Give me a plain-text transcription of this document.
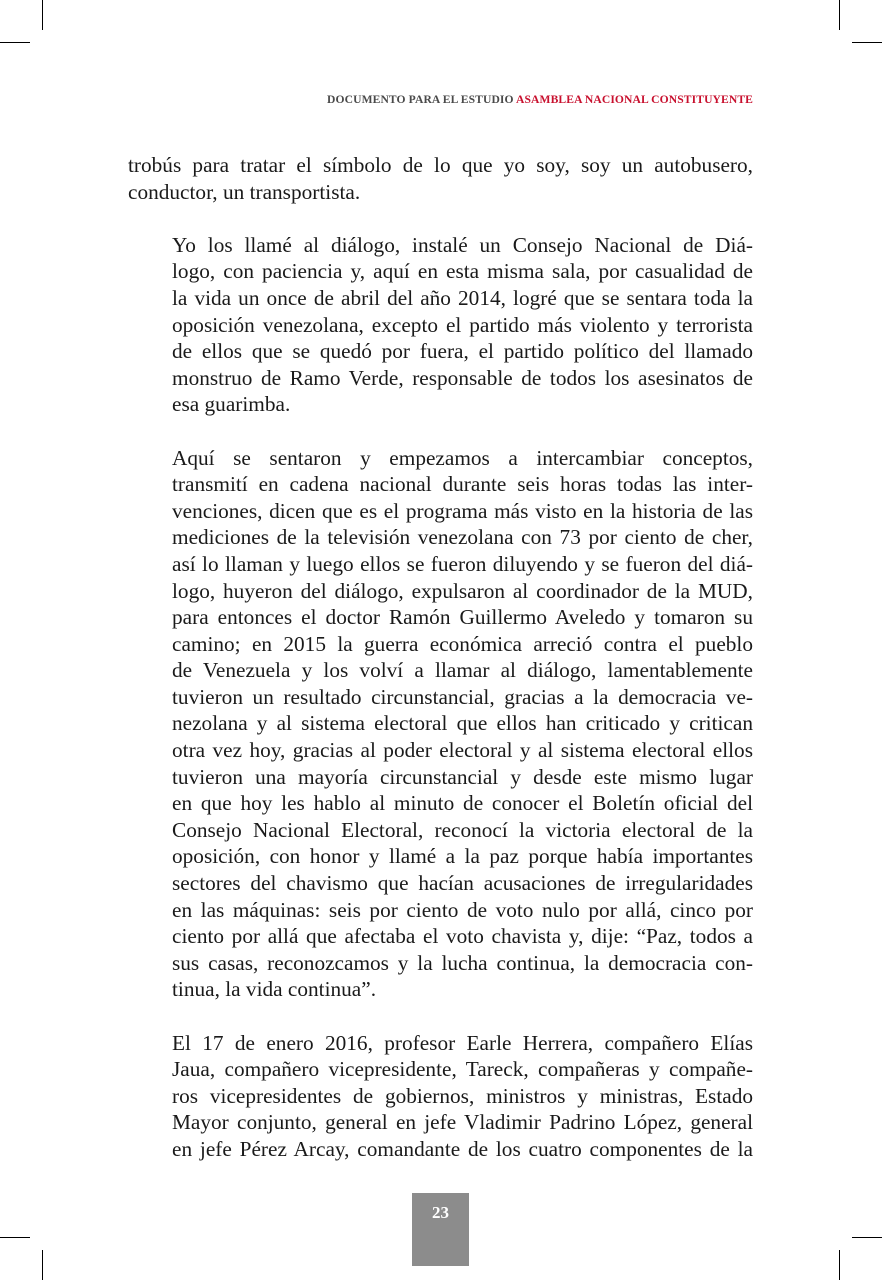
DOCUMENTO PARA EL ESTUDIO ASAMBLEA NACIONAL CONSTITUYENTE

trobús para tratar el símbolo de lo que yo soy, soy un autobusero,
conductor, un transportista.

Yo los llamé al diálogo, instalé un Consejo Nacional de Diá-
logo, con paciencia y, aquí en esta misma sala, por casualidad de
la vida un once de abril del año 2014, logré que se sentara toda la
oposición venezolana, excepto el partido más violento y terrorista
de ellos que se quedó por fuera, el partido político del llamado
monstruo de Ramo Verde, responsable de todos los asesinatos de
esa guarimba.

Aquí se sentaron y empezamos a intercambiar conceptos,
transmití en cadena nacional durante seis horas todas las inter-
venciones, dicen que es el programa más visto en la historia de las
mediciones de la televisión venezolana con 73 por ciento de cher,
así lo llaman y luego ellos se fueron diluyendo y se fueron del diá-
logo, huyeron del diálogo, expulsaron al coordinador de la MUD,
para entonces el doctor Ramón Guillermo Aveledo y tomaron su
camino; en 2015 la guerra económica arreció contra el pueblo
de Venezuela y los volví a llamar al diálogo, lamentablemente
tuvieron un resultado circunstancial, gracias a la democracia ve-
nezolana y al sistema electoral que ellos han criticado y critican
otra vez hoy, gracias al poder electoral y al sistema electoral ellos
tuvieron una mayoría circunstancial y desde este mismo lugar
en que hoy les hablo al minuto de conocer el Boletín oficial del
Consejo Nacional Electoral, reconocí la victoria electoral de la
oposición, con honor y llamé a la paz porque había importantes
sectores del chavismo que hacían acusaciones de irregularidades
en las máquinas: seis por ciento de voto nulo por allá, cinco por
ciento por allá que afectaba el voto chavista y, dije: “Paz, todos a
sus casas, reconozcamos y la lucha continua, la democracia con-
tinua, la vida continua”.

El 17 de enero 2016, profesor Earle Herrera, compañero Elías
Jaua, compañero vicepresidente, Tareck, compañeras y compañe-
ros vicepresidentes de gobiernos, ministros y ministras, Estado
Mayor conjunto, general en jefe Vladimir Padrino López, general
en jefe Pérez Arcay, comandante de los cuatro componentes de la

23
